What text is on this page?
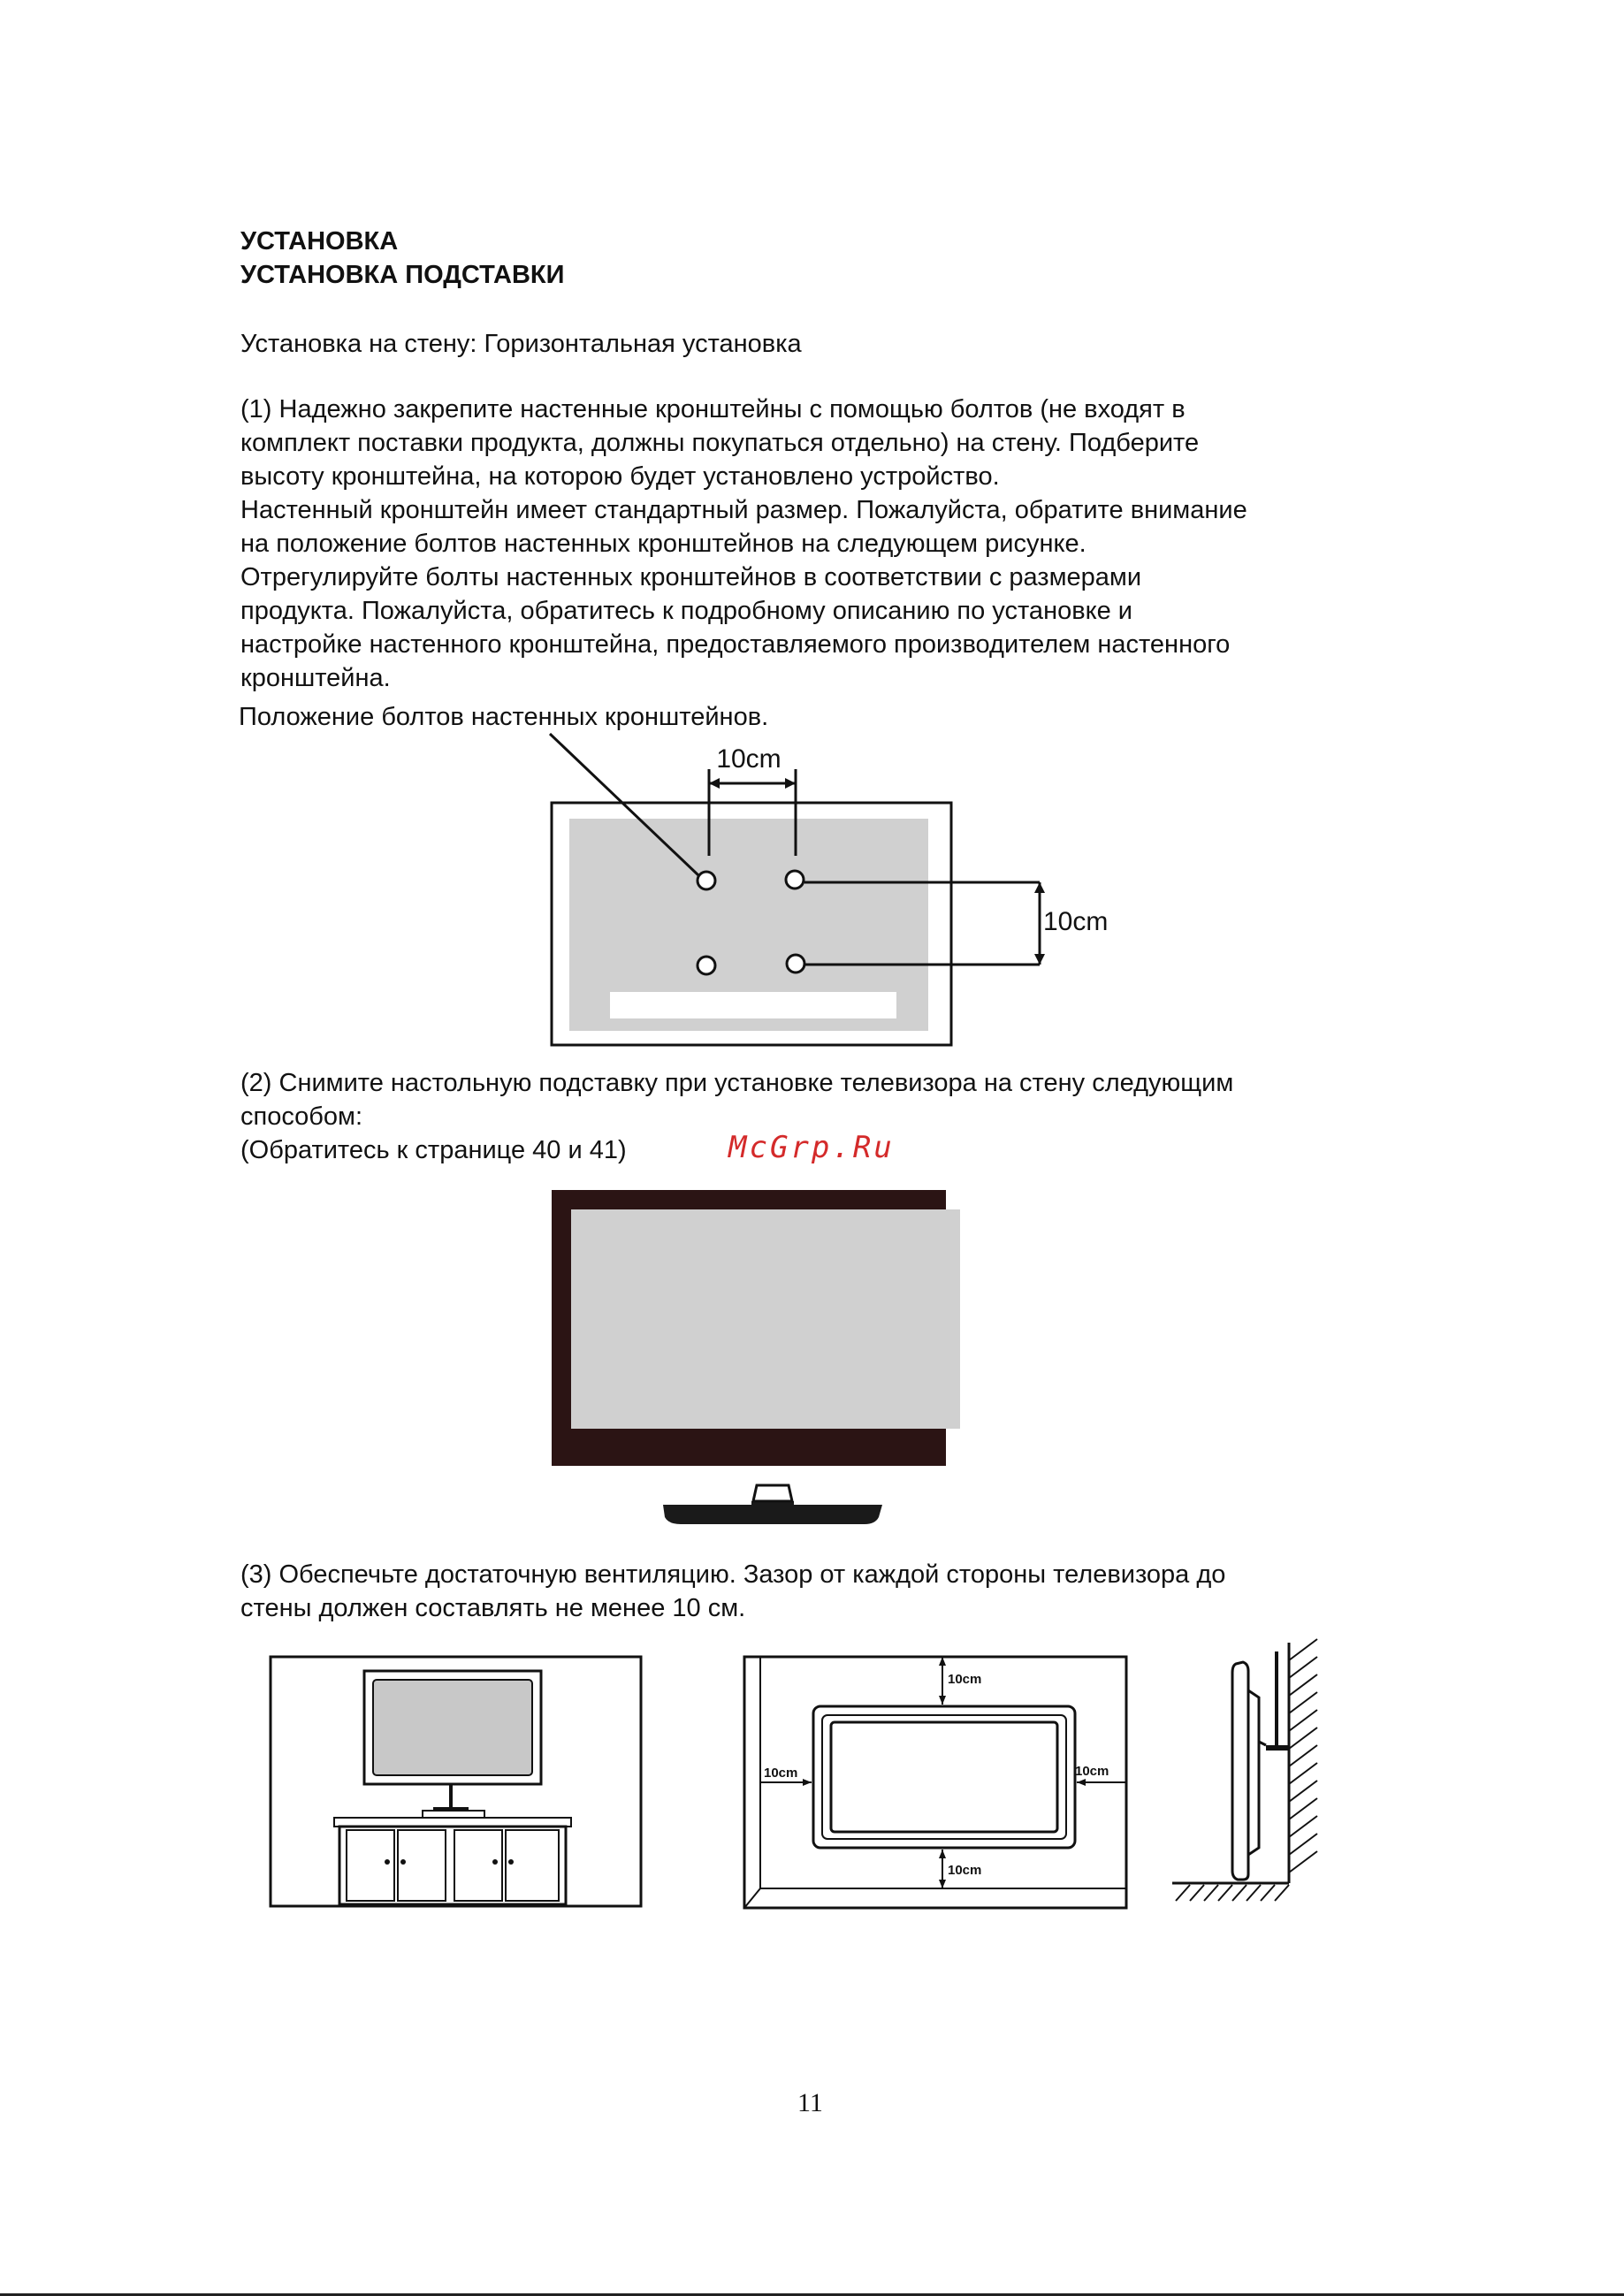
УСТАНОВКА
УСТАНОВКА ПОДСТАВКИ
Установка на стену: Горизонтальная установка
(1) Надежно закрепите настенные кронштейны с помощью болтов (не входят в
комплект поставки продукта, должны покупаться отдельно) на стену. Подберите
высоту кронштейна, на которою будет установлено устройство.
Настенный кронштейн имеет стандартный размер. Пожалуйста, обратите внимание
на положение болтов настенных кронштейнов на следующем рисунке.
Отрегулируйте болты настенных кронштейнов в соответствии с размерами
продукта. Пожалуйста, обратитесь к подробному описанию по установке и
настройке настенного кронштейна, предоставляемого производителем настенного
кронштейна.
Положение болтов настенных кронштейнов.
10cm
10cm
(2) Снимите настольную подставку при установке телевизора на стену следующим
способом:
(Обратитесь к странице 40 и 41)	McGrp.Ru
(3) Обеспечьте достаточную вентиляцию. Зазор от каждой стороны телевизора до
стены должен составлять не менее 10 см.
10cm
10cm	10cm
10cm
11
